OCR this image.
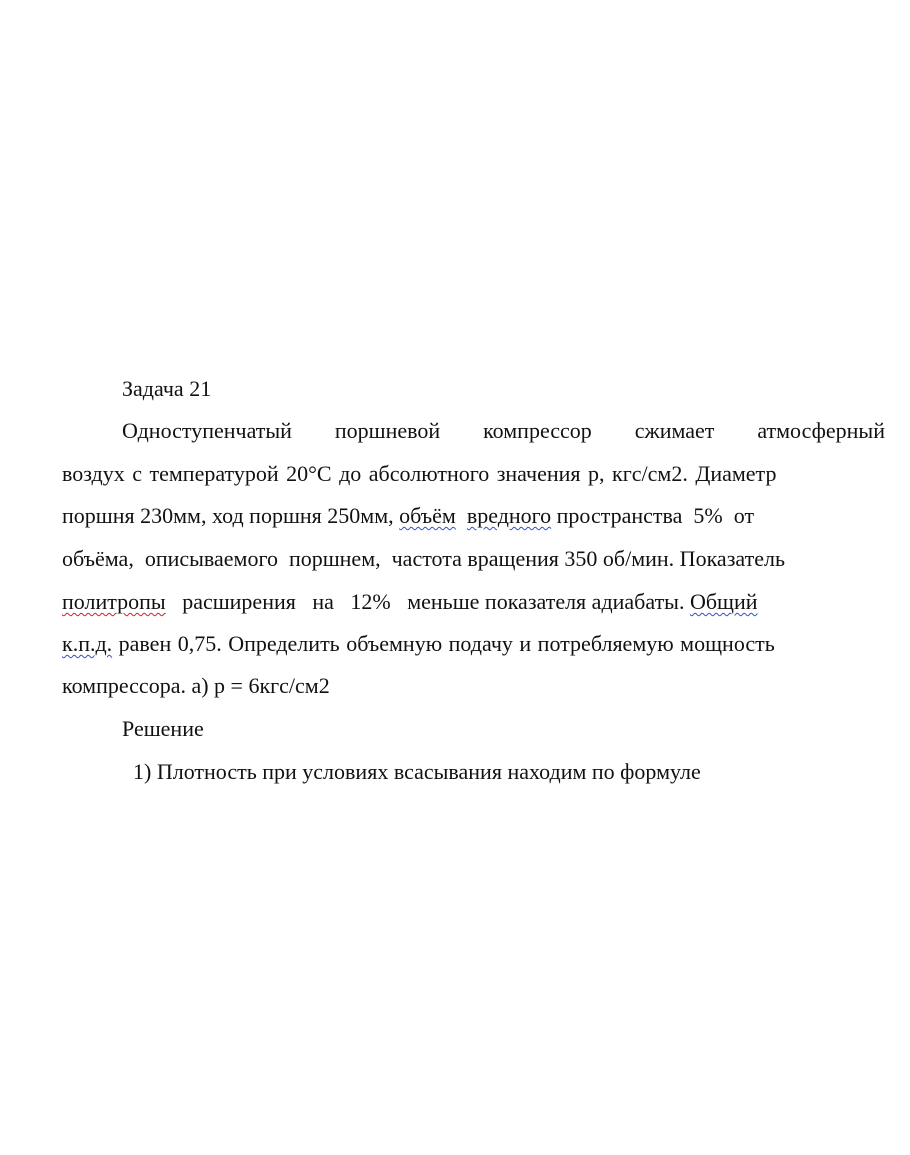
Задача 21
Одноступенчатый поршневой компрессор сжимает атмосферный
воздух с температурой 20°С до абсолютного значения р, кгс/см2. Диаметр
поршня 230мм, ход поршня 250мм, объём вредного пространства  5%  от
объёма,  описываемого  поршнем,  частота вращения 350 об/мин. Показатель
политропы   расширения   на   12%   меньше показателя адиабаты. Общий
к.п.д. равен 0,75. Определить объемную подачу и потребляемую мощность
компрессора. а) р = 6кгс/см2
Решение
1) Плотность при условиях всасывания находим по формуле
